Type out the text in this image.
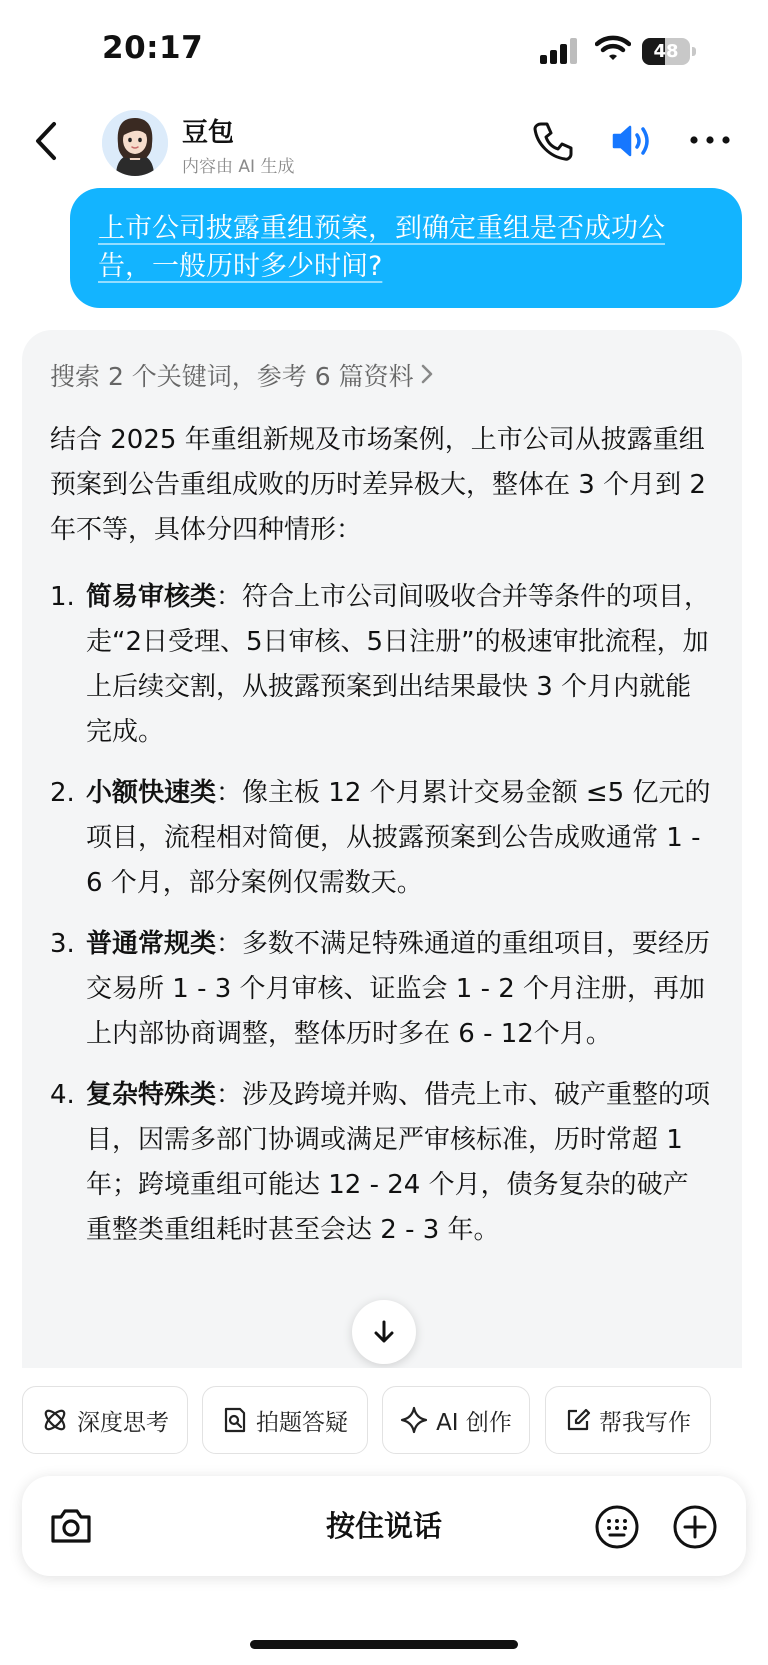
20:17	48
豆包
内容由 AI 生成

上市公司披露重组预案，到确定重组是否成功公告，一般历时多少时间?

搜索 2 个关键词，参考 6 篇资料

结合 2025 年重组新规及市场案例，上市公司从披露重组预案到公告重组成败的历时差异极大，整体在 3 个月到 2 年不等，具体分四种情形：

1. 简易审核类：符合上市公司间吸收合并等条件的项目，走“2日受理、5日审核、5日注册”的极速审批流程，加上后续交割，从披露预案到出结果最快 3 个月内就能完成。
2. 小额快速类：像主板 12 个月累计交易金额 ≤5 亿元的项目，流程相对简便，从披露预案到公告成败通常 1 - 6 个月，部分案例仅需数天。
3. 普通常规类：多数不满足特殊通道的重组项目，要经历交易所 1 - 3 个月审核、证监会 1 - 2 个月注册，再加上内部协商调整，整体历时多在 6 - 12个月。
4. 复杂特殊类：涉及跨境并购、借壳上市、破产重整的项目，因需多部门协调或满足严审核标准，历时常超 1 年；跨境重组可能达 12 - 24 个月，债务复杂的破产重整类重组耗时甚至会达 2 - 3 年。
深度思考	拍题答疑	AI 创作	帮我写作
按住说话
